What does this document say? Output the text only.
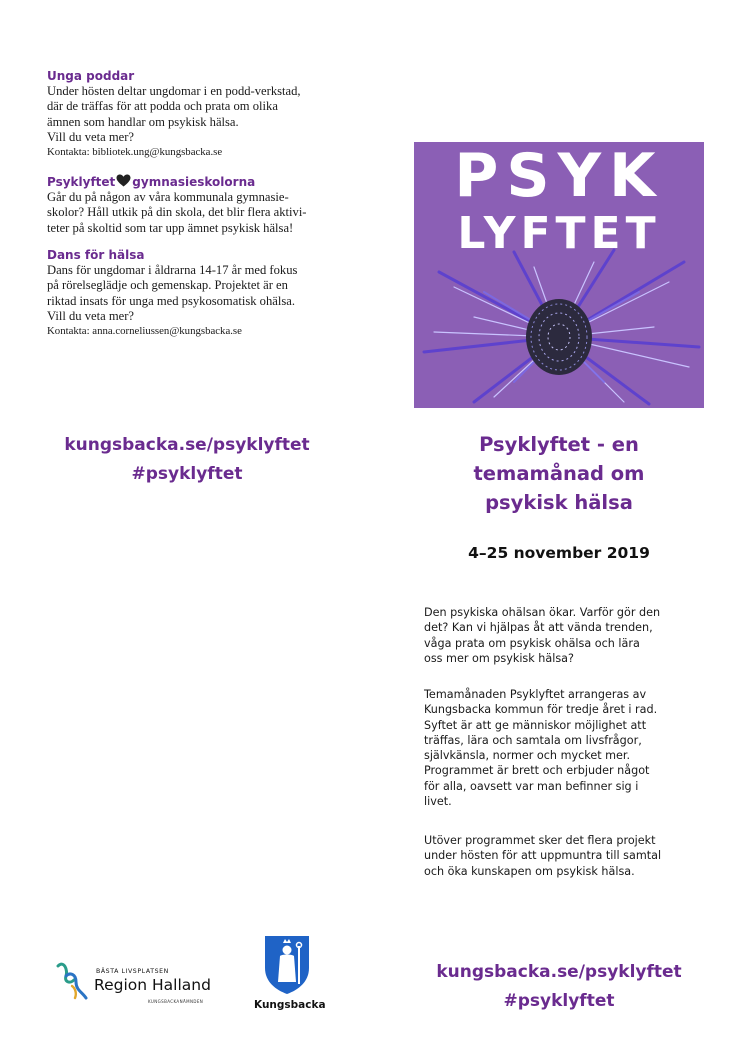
Unga poddar

Under hösten deltar ungdomar i en podd-verkstad,
där de träffas för att podda och prata om olika
ämnen som handlar om psykisk hälsa.
Vill du veta mer?

Kontakta: bibliotek.ung@kungsbacka.se

Psyklyftet gymnasieskolorna

Går du på någon av våra kommunala gymnasie-
skolor? Håll utkik på din skola, det blir flera aktivi-
teter på skoltid som tar upp ämnet psykisk hälsa!

Dans för hälsa

Dans för ungdomar i åldrarna 14-17 år med fokus
på rörelseglädje och gemenskap. Projektet är en
riktad insats för unga med psykosomatisk ohälsa.
Vill du veta mer?

Kontakta: anna.corneliussen@kungsbacka.se

kungsbacka.se/psyklyftet

#psyklyftet

BÄSTA LIVSPLATSEN
Region Halland
KUNGSBACKANÄMNDEN	Kungsbacka
PSYK
LYFTET
Psyklyftet - en
temamånad om
psykisk hälsa

4–25 november 2019

Den psykiska ohälsan ökar. Varför gör den
det? Kan vi hjälpas åt att vända trenden,
våga prata om psykisk ohälsa och lära
oss mer om psykisk hälsa?

Temamånaden Psyklyftet arrangeras av
Kungsbacka kommun för tredje året i rad.
Syftet är att ge människor möjlighet att
träffas, lära och samtala om livsfrågor,
självkänsla, normer och mycket mer.
Programmet är brett och erbjuder något
för alla, oavsett var man befinner sig i
livet.

Utöver programmet sker det flera projekt
under hösten för att uppmuntra till samtal
och öka kunskapen om psykisk hälsa.

kungsbacka.se/psyklyftet

#psyklyftet
